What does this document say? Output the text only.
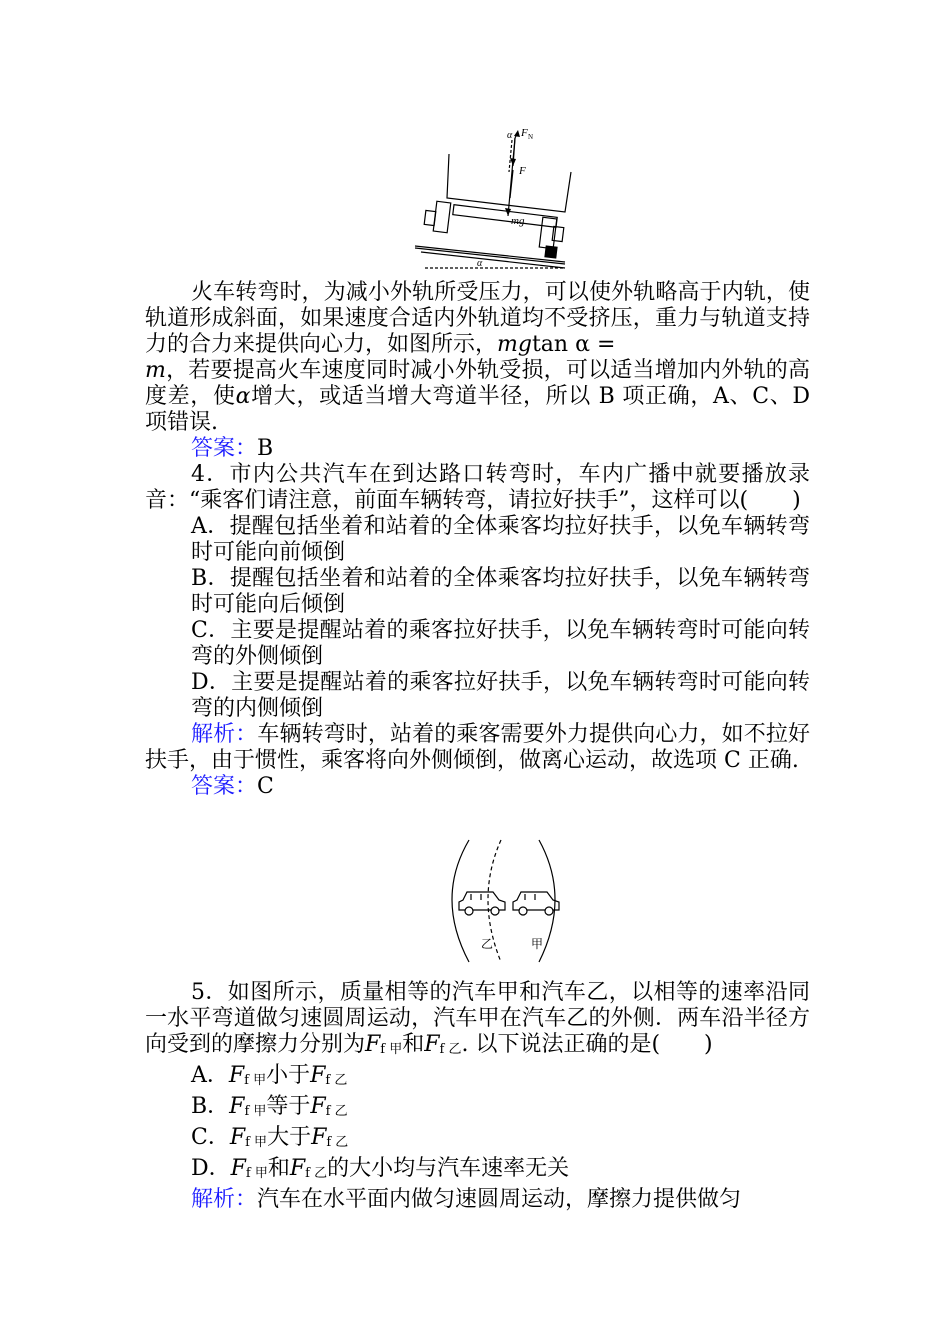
F N
F
mg
α
α

火车转弯时，为减小外轨所受压力，可以使外轨略高于内轨，使轨道形成斜面，如果速度合适内外轨道均不受挤压，重力与轨道支持力的合力来提供向心力，如图所示，mgtan α =
m，若要提高火车速度同时减小外轨受损，可以适当增加内外轨的高度差，使α增大，或适当增大弯道半径，所以 B 项正确，A、C、D 项错误.

答案：B

4．市内公共汽车在到达路口转弯时，车内广播中就要播放录音：“乘客们请注意，前面车辆转弯，请拉好扶手”，这样可以(　　)

A．提醒包括坐着和站着的全体乘客均拉好扶手，以免车辆转弯时可能向前倾倒

B．提醒包括坐着和站着的全体乘客均拉好扶手，以免车辆转弯时可能向后倾倒

C．主要是提醒站着的乘客拉好扶手，以免车辆转弯时可能向转弯的外侧倾倒

D．主要是提醒站着的乘客拉好扶手，以免车辆转弯时可能向转弯的内侧倾倒

解析：车辆转弯时，站着的乘客需要外力提供向心力，如不拉好扶手，由于惯性，乘客将向外侧倾倒，做离心运动，故选项 C 正确.

答案：C

乙	甲

5．如图所示，质量相等的汽车甲和汽车乙，以相等的速率沿同一水平弯道做匀速圆周运动，汽车甲在汽车乙的外侧．两车沿半径方向受到的摩擦力分别为Ff 甲和Ff 乙. 以下说法正确的是(　　)

A．Ff 甲小于Ff 乙

B．Ff 甲等于Ff 乙

C．Ff 甲大于Ff 乙

D．Ff 甲和Ff 乙的大小均与汽车速率无关

解析：汽车在水平面内做匀速圆周运动，摩擦力提供做匀
